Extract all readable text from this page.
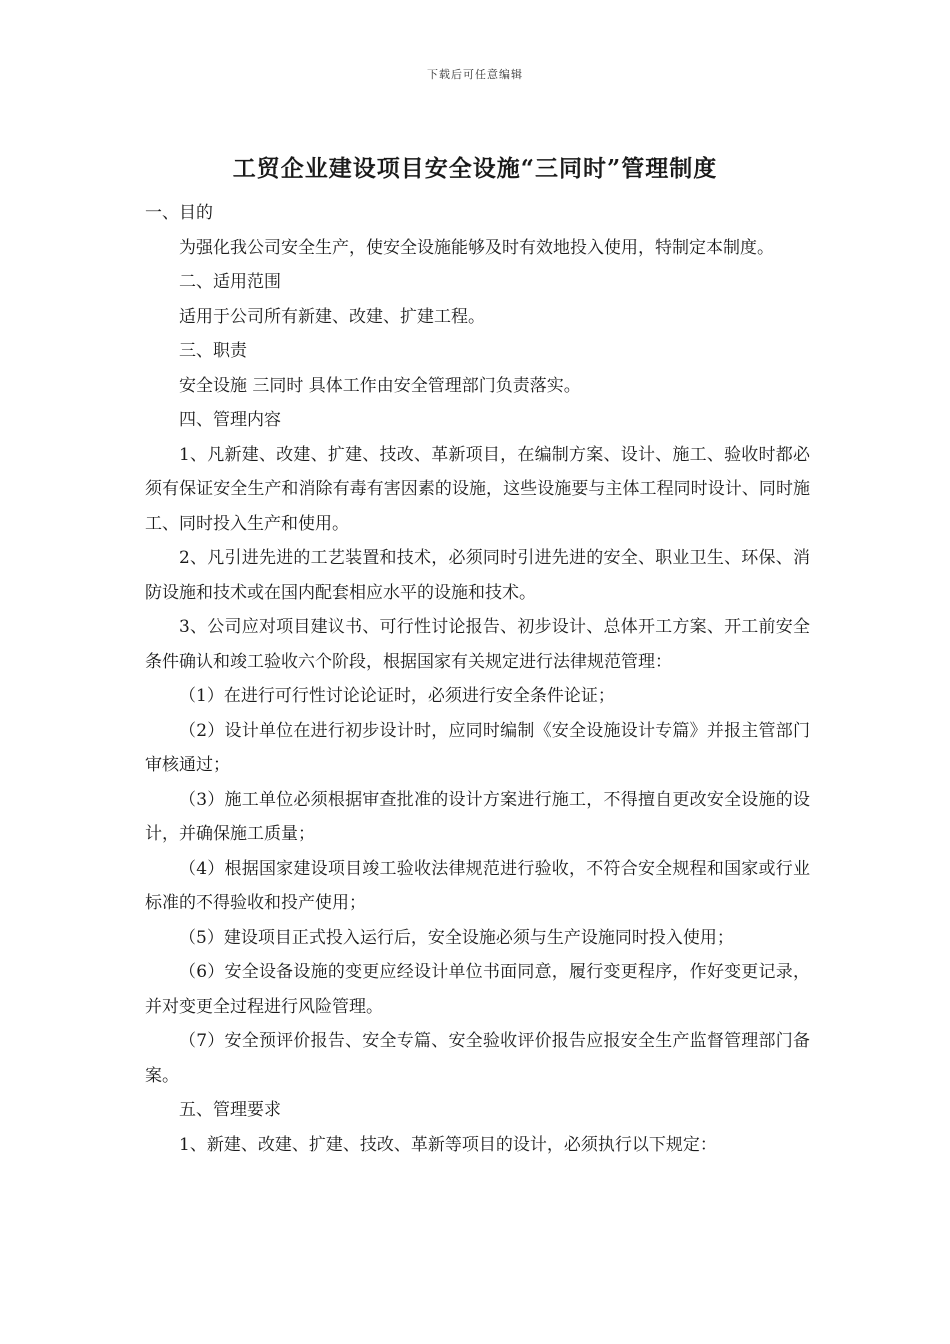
下载后可任意编辑
工贸企业建设项目安全设施“三同时”管理制度

一、目的

为强化我公司安全生产，使安全设施能够及时有效地投入使用，特制定本制度。

二、适用范围

适用于公司所有新建、改建、扩建工程。

三、职责

安全设施 三同时 具体工作由安全管理部门负责落实。

四、管理内容

1、凡新建、改建、扩建、技改、革新项目，在编制方案、设计、施工、验收时都必须有保证安全生产和消除有毒有害因素的设施，这些设施要与主体工程同时设计、同时施工、同时投入生产和使用。

2、凡引进先进的工艺装置和技术，必须同时引进先进的安全、职业卫生、环保、消防设施和技术或在国内配套相应水平的设施和技术。

3、公司应对项目建议书、可行性讨论报告、初步设计、总体开工方案、开工前安全条件确认和竣工验收六个阶段，根据国家有关规定进行法律规范管理：

（1）在进行可行性讨论论证时，必须进行安全条件论证；

（2）设计单位在进行初步设计时，应同时编制《安全设施设计专篇》并报主管部门审核通过；

（3）施工单位必须根据审查批准的设计方案进行施工，不得擅自更改安全设施的设计，并确保施工质量；

（4）根据国家建设项目竣工验收法律规范进行验收，不符合安全规程和国家或行业标准的不得验收和投产使用；

（5）建设项目正式投入运行后，安全设施必须与生产设施同时投入使用；

（6）安全设备设施的变更应经设计单位书面同意，履行变更程序，作好变更记录，并对变更全过程进行风险管理。

（7）安全预评价报告、安全专篇、安全验收评价报告应报安全生产监督管理部门备案。

五、管理要求

1、新建、改建、扩建、技改、革新等项目的设计，必须执行以下规定：
